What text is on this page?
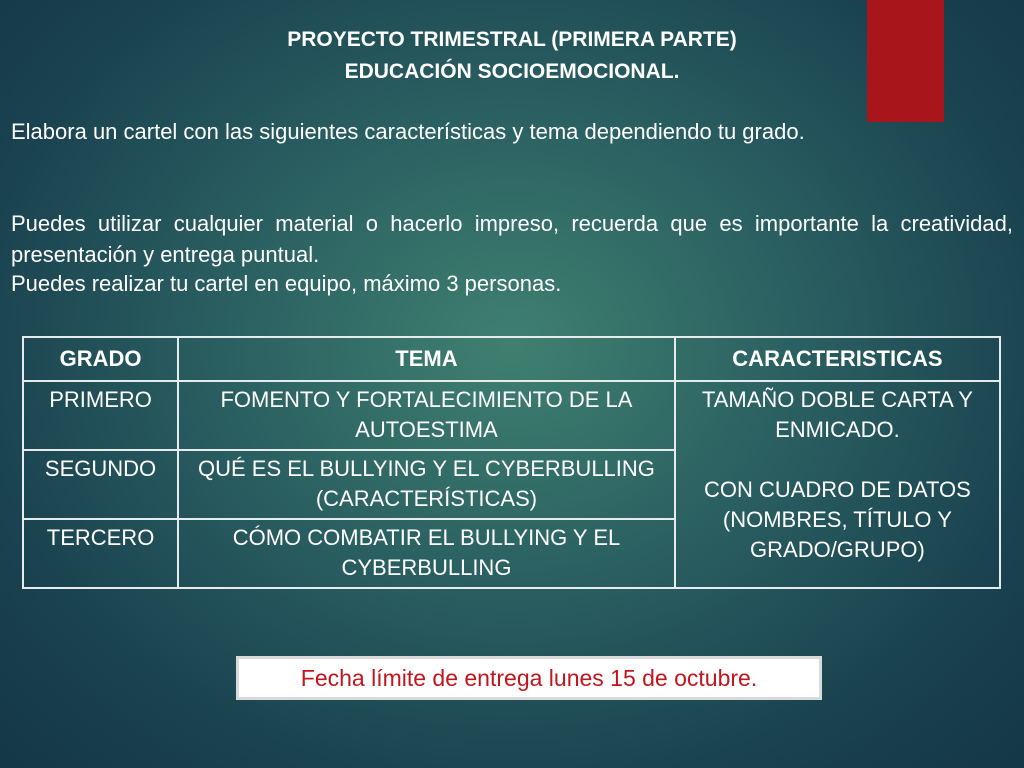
PROYECTO TRIMESTRAL (PRIMERA PARTE)
EDUCACIÓN SOCIOEMOCIONAL.

Elabora un cartel con las siguientes características y tema dependiendo tu grado.

Puedes utilizar cualquier material o hacerlo impreso, recuerda que es importante la creatividad, presentación y entrega puntual.

Puedes realizar tu cartel en equipo, máximo 3 personas.

GRADO	TEMA	CARACTERISTICAS
PRIMERO	FOMENTO Y FORTALECIMIENTO DE LA AUTOESTIMA	TAMAÑO DOBLE CARTA Y ENMICADO.
CON CUADRO DE DATOS (NOMBRES, TÍTULO Y GRADO/GRUPO)

SEGUNDO	QUÉ ES EL BULLYING Y EL CYBERBULLING (CARACTERÍSTICAS)	
TERCERO	CÓMO COMBATIR EL BULLYING Y EL CYBERBULLING	
Fecha límite de entrega lunes 15 de octubre.
